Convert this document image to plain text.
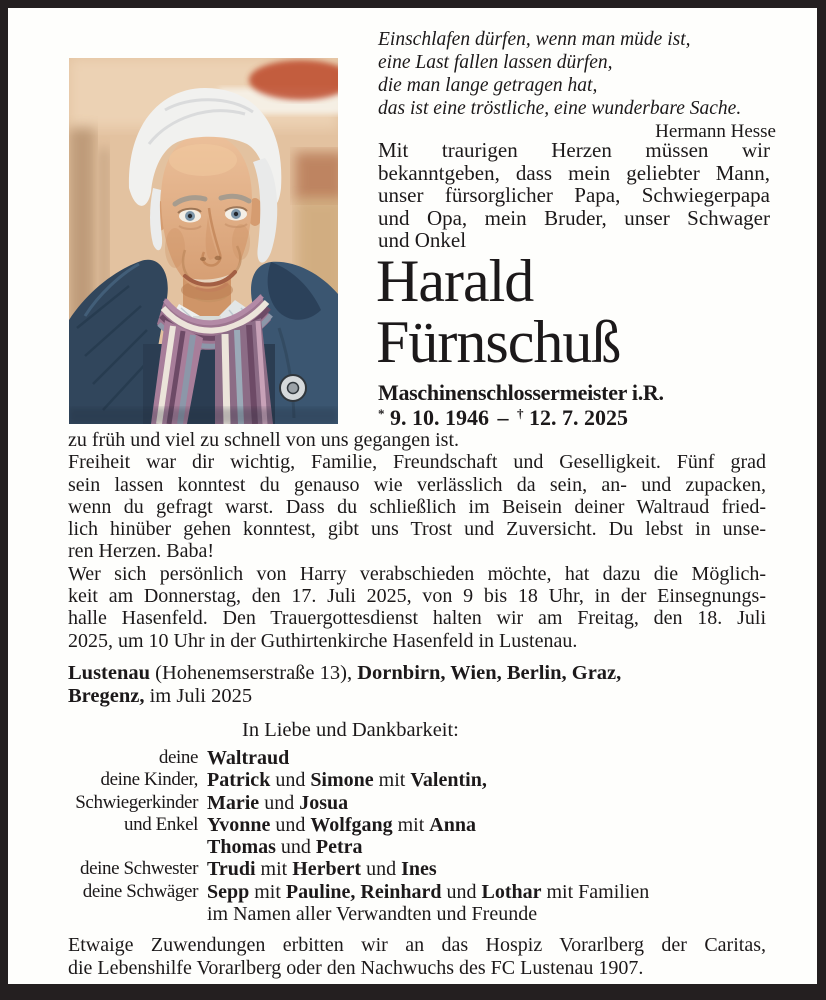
Einschlafen dürfen, wenn man müde ist,
eine Last fallen lassen dürfen,
die man lange getragen hat,
das ist eine tröstliche, eine wunderbare Sache.
Hermann Hesse
Mit traurigen Herzen müssen wir
bekanntgeben, dass mein geliebter Mann,
unser fürsorglicher Papa, Schwiegerpapa
und Opa, mein Bruder, unser Schwager
und Onkel
Harald
Fürnschuß
Maschinenschlossermeister i.R.
* 9. 10. 1946 – † 12. 7. 2025
zu früh und viel zu schnell von uns gegangen ist.
Freiheit war dir wichtig, Familie, Freundschaft und Geselligkeit. Fünf grad
sein lassen konntest du genauso wie verlässlich da sein, an- und zupacken,
wenn du gefragt warst. Dass du schließlich im Beisein deiner Waltraud fried-
lich hinüber gehen konntest, gibt uns Trost und Zuversicht. Du lebst in unse-
ren Herzen. Baba!
Wer sich persönlich von Harry verabschieden möchte, hat dazu die Möglich-
keit am Donnerstag, den 17. Juli 2025, von 9 bis 18 Uhr, in der Einsegnungs-
halle Hasenfeld. Den Trauergottesdienst halten wir am Freitag, den 18. Juli
2025, um 10 Uhr in der Guthirtenkirche Hasenfeld in Lustenau.
Lustenau (Hohenemserstraße 13), Dornbirn, Wien, Berlin, Graz,
Bregenz, im Juli 2025
In Liebe und Dankbarkeit:
deine Waltraud
deine Kinder, Patrick und Simone mit Valentin,
Schwiegerkinder Marie und Josua
und Enkel Yvonne und Wolfgang mit Anna
Thomas und Petra
deine Schwester Trudi mit Herbert und Ines
deine Schwäger Sepp mit Pauline, Reinhard und Lothar mit Familien
im Namen aller Verwandten und Freunde
Etwaige Zuwendungen erbitten wir an das Hospiz Vorarlberg der Caritas,
die Lebenshilfe Vorarlberg oder den Nachwuchs des FC Lustenau 1907.
